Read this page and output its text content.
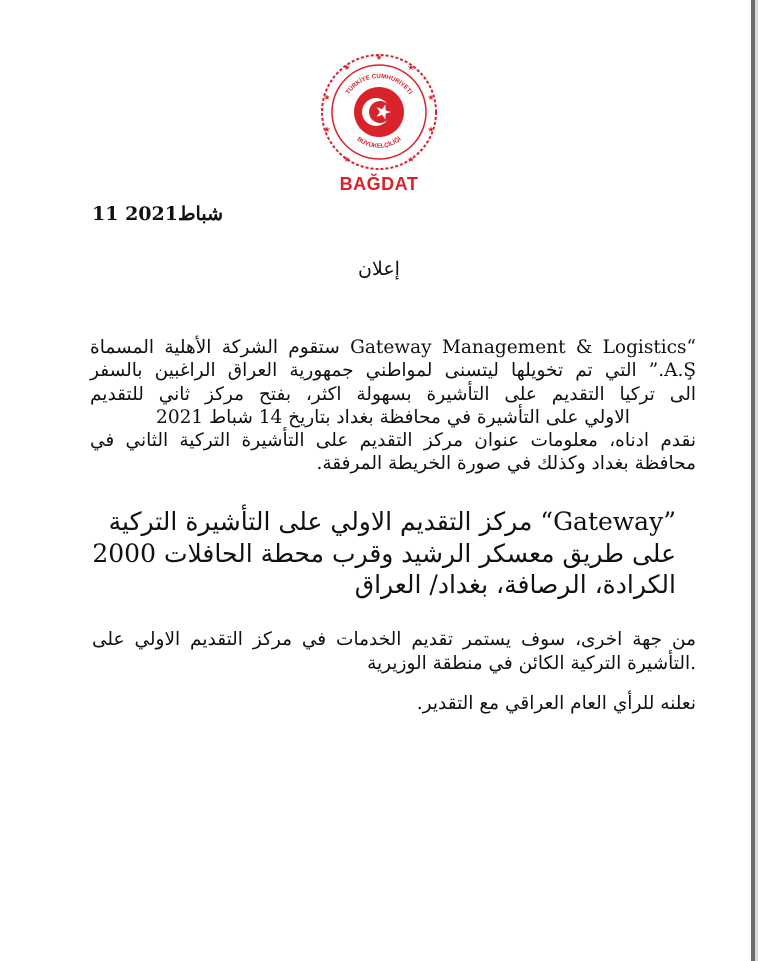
★
★
★
★
★
★
★
★
★
TÜRKİYE CUMHURİYETİ
BÜYÜKELÇİLİĞİ
BAĞDAT
شباط2021 11
إعلان
“Gateway Management & Logistics ستقوم الشركة الأهلية المسماة
A.Ş.” التي تم تخويلها ليتسنى لمواطني جمهورية العراق الراغبين بالسفر
الى تركيا التقديم على التأشيرة بسهولة اكثر، بفتح مركز ثاني للتقديم
الاولي على التأشيرة في محافظة بغداد بتاريخ 14 شباط 2021
نقدم ادناه، معلومات عنوان مركز التقديم على التأشيرة التركية الثاني في
محافظة بغداد وكذلك في صورة الخريطة المرفقة.
”Gateway“ مركز التقديم الاولي على التأشيرة التركية
على طريق معسكر الرشيد وقرب محطة الحافلات 2000
الكرادة، الرصافة، بغداد/ العراق
من جهة اخرى، سوف يستمر تقديم الخدمات في مركز التقديم الاولي على
.التأشيرة التركية الكائن في منطقة الوزيرية
نعلنه للرأي العام العراقي مع التقدير.
